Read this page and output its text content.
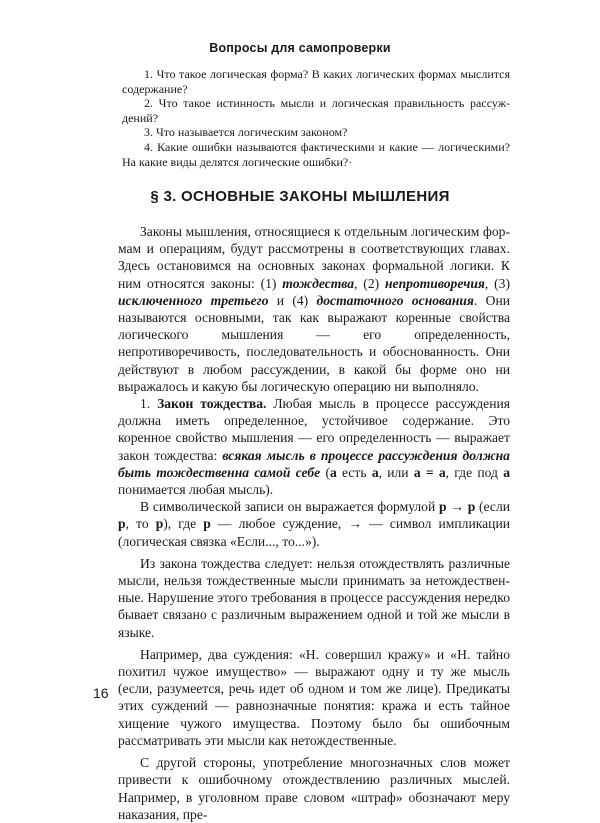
Вопросы для самопроверки

1. Что такое логическая форма? В каких логических формах мыслится содержание?

2. Что такое истинность мысли и логическая правильность рассуждений?

3. Что называется логическим законом?

4. Какие ошибки называются фактическими и какие — логическими? На какие виды делятся логические ошибки?·

§ 3. ОСНОВНЫЕ ЗАКОНЫ МЫШЛЕНИЯ

Законы мышления, относящиеся к отдельным логическим формам и операциям, будут рассмотрены в соответствующих главах. Здесь остановимся на основных законах формальной логики. К ним относятся законы: (1) тождества, (2) непротиворечия, (3) исключенного третьего и (4) достаточного основания. Они называются основными, так как выражают коренные свойства логического мышления — его определенность, непротиворечивость, последовательность и обоснованность. Они действуют в любом рассуждении, в какой бы форме оно ни выражалось и какую бы логическую операцию ни выполняло.

1. Закон тождества. Любая мысль в процессе рассуждения должна иметь определенное, устойчивое содержание. Это коренное свойство мышления — его определенность — выражает закон тождества: всякая мысль в процессе рассуждения должна быть тождественна самой себе (а есть а, или а = а, где под а понимается любая мысль).

В символической записи он выражается формулой р → р (если р, то р), где р — любое суждение, → — символ импликации (логическая связка «Если..., то...»).

Из закона тождества следует: нельзя отождествлять различные мысли, нельзя тождественные мысли принимать за нетождественные. Нарушение этого требования в процессе рассуждения нередко бывает связано с различным выражением одной и той же мысли в языке.

Например, два суждения: «Н. совершил кражу» и «Н. тайно похитил чужое имущество» — выражают одну и ту же мысль (если, разумеется, речь идет об одном и том же лице). Предикаты этих суждений — равнозначные понятия: кража и есть тайное хищение чужого имущества. Поэтому было бы ошибочным рассматривать эти мысли как нетождественные.

С другой стороны, употребление многозначных слов может привести к ошибочному отождествлению различных мыслей. Например, в уголовном праве словом «штраф» обозначают меру наказания, пре-

16
